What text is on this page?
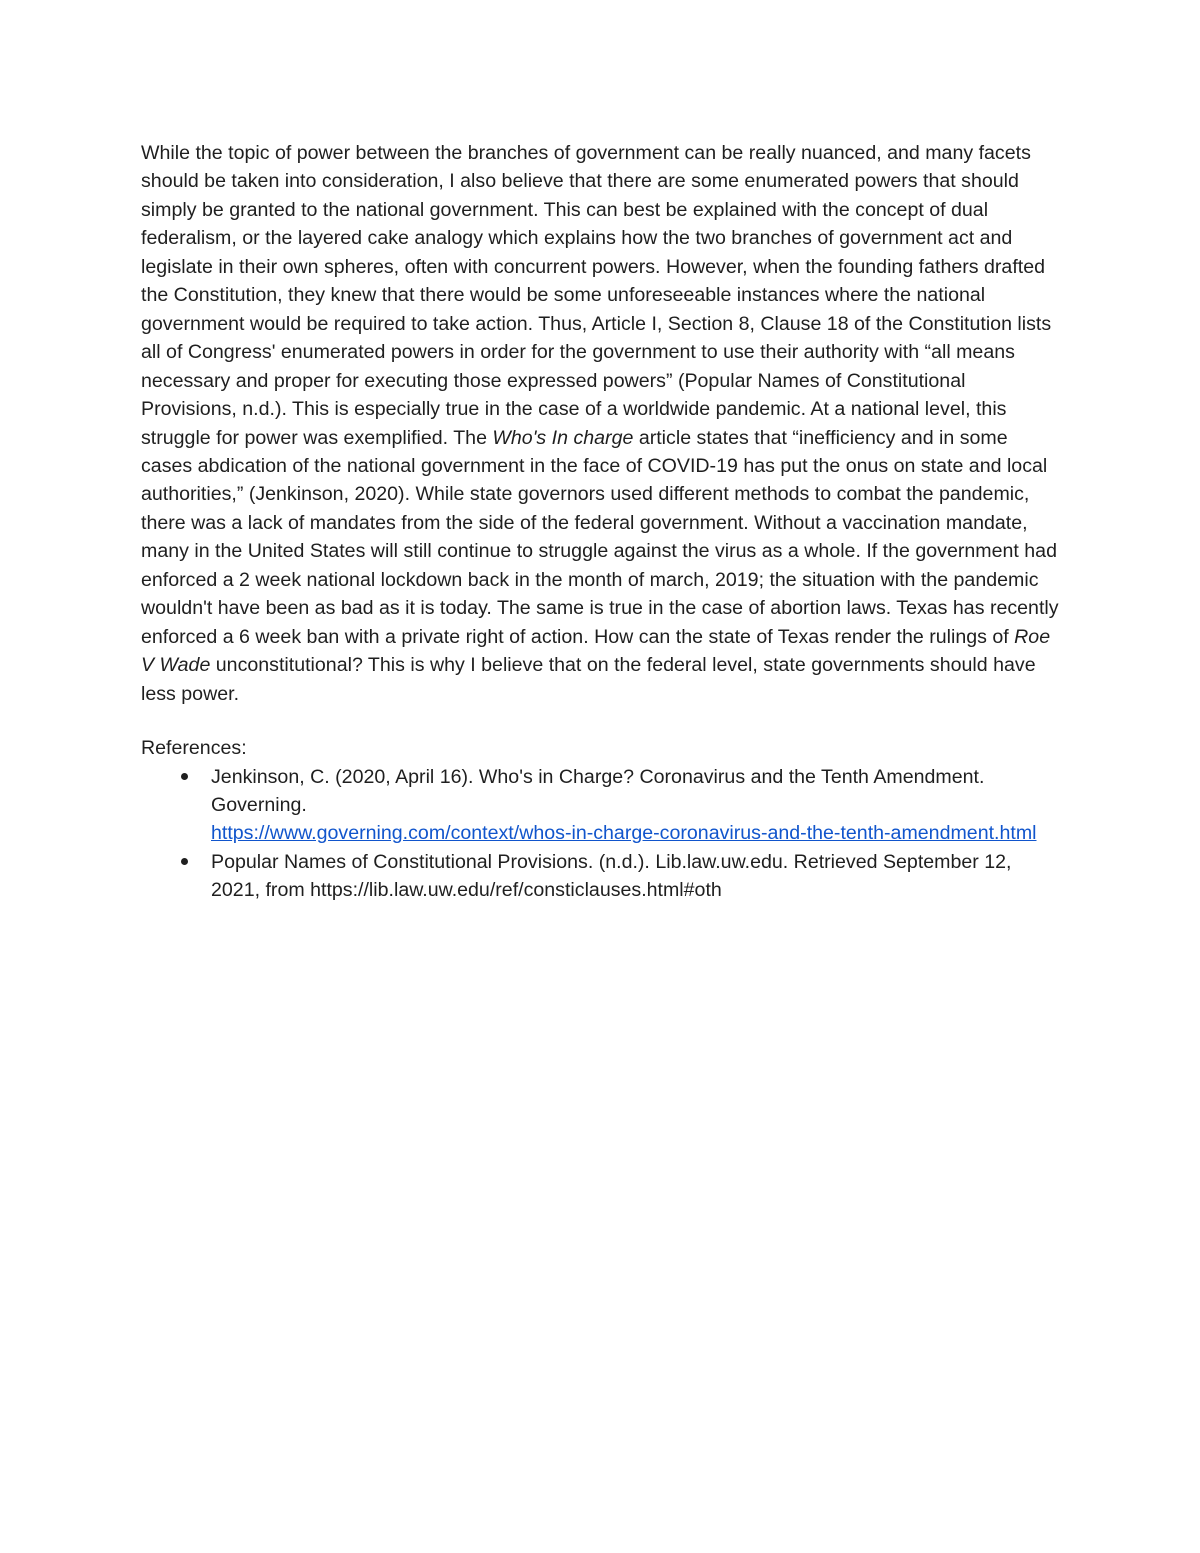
While the topic of power between the branches of government can be really nuanced, and many facets should be taken into consideration, I also believe that there are some enumerated powers that should simply be granted to the national government. This can best be explained with the concept of dual federalism, or the layered cake analogy which explains how the two branches of government act and legislate in their own spheres, often with concurrent powers. However, when the founding fathers drafted the Constitution, they knew that there would be some unforeseeable instances where the national government would be required to take action. Thus, Article I, Section 8, Clause 18 of the Constitution lists all of Congress' enumerated powers in order for the government to use their authority with “all means necessary and proper for executing those expressed powers” (Popular Names of Constitutional Provisions, n.d.). This is especially true in the case of a worldwide pandemic. At a national level, this struggle for power was exemplified. The Who's In charge article states that “inefficiency and in some cases abdication of the national government in the face of COVID-19 has put the onus on state and local authorities,” (Jenkinson, 2020). While state governors used different methods to combat the pandemic, there was a lack of mandates from the side of the federal government. Without a vaccination mandate, many in the United States will still continue to struggle against the virus as a whole. If the government had enforced a 2 week national lockdown back in the month of march, 2019; the situation with the pandemic wouldn't have been as bad as it is today. The same is true in the case of abortion laws. Texas has recently enforced a 6 week ban with a private right of action. How can the state of Texas render the rulings of Roe V Wade unconstitutional? This is why I believe that on the federal level, state governments should have less power.

References:

Jenkinson, C. (2020, April 16). Who's in Charge? Coronavirus and the Tenth Amendment. Governing.
https://www.governing.com/context/whos-in-charge-coronavirus-and-the-tenth-amendment.html
Popular Names of Constitutional Provisions. (n.d.). Lib.law.uw.edu. Retrieved September 12, 2021, from https://lib.law.uw.edu/ref/consticlauses.html#oth
